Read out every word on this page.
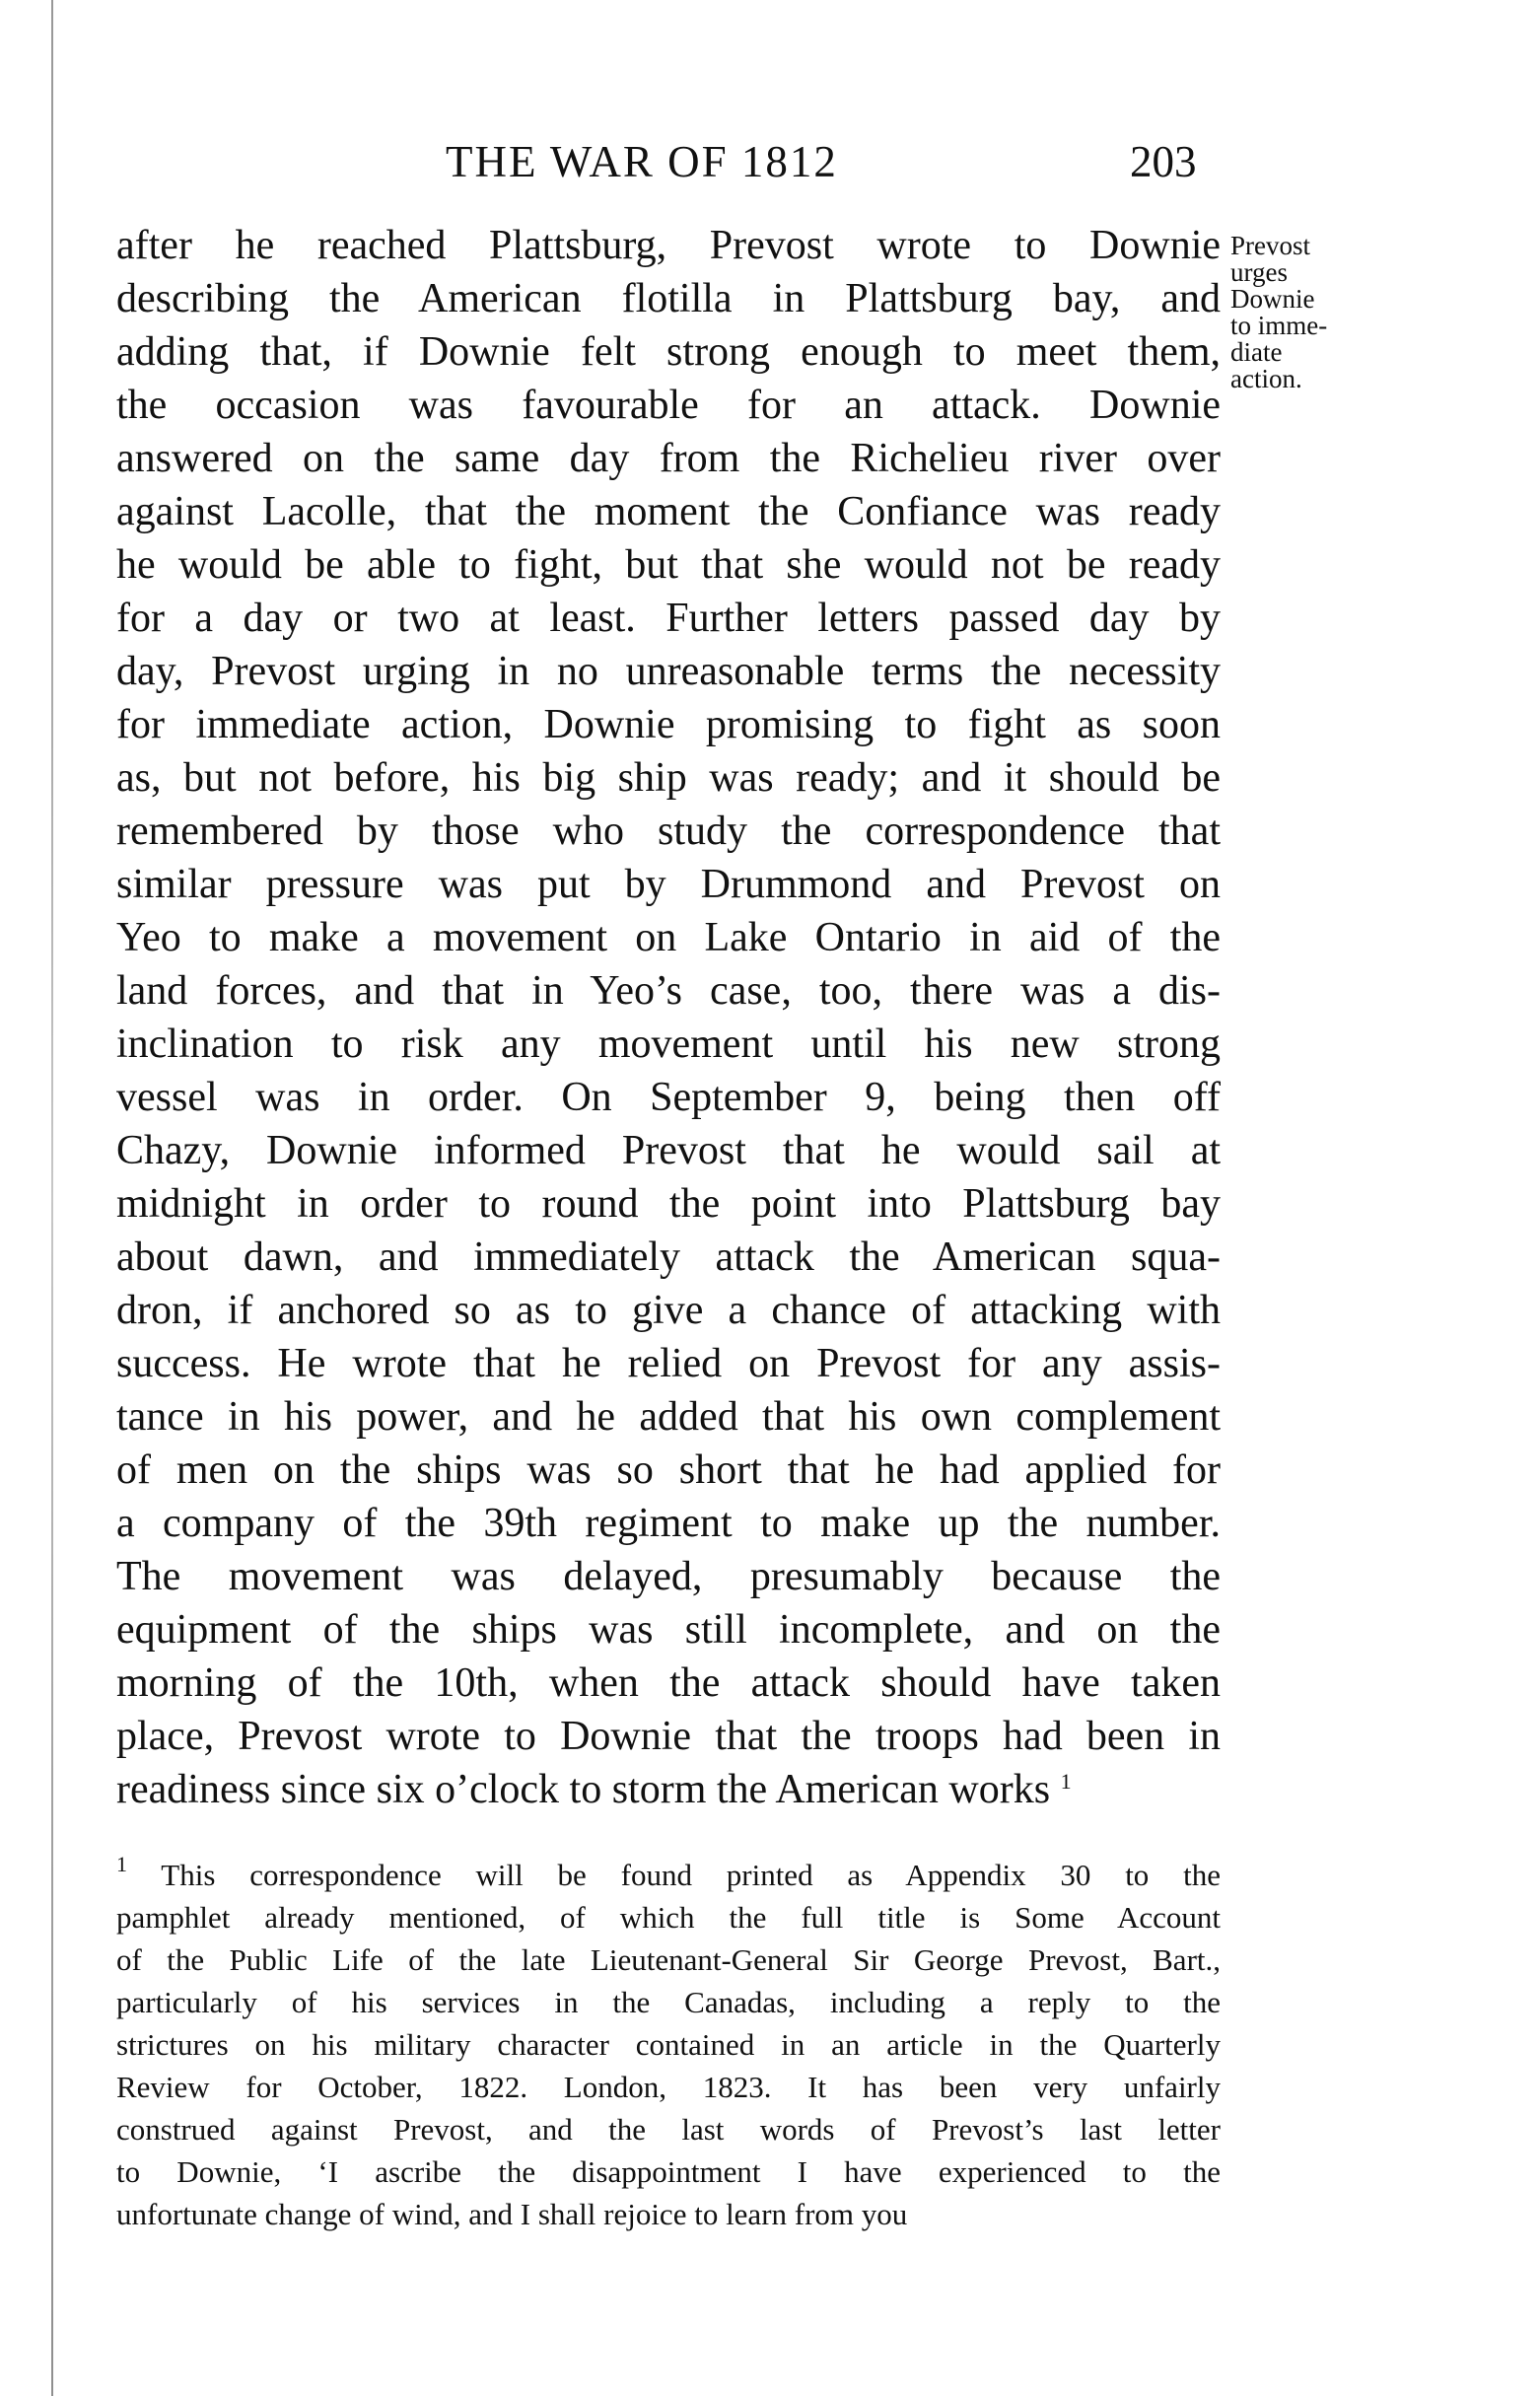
THE WAR OF 1812	203
after he reached Plattsburg, Prevost wrote to Downie
describing the American flotilla in Plattsburg bay, and
adding that, if Downie felt strong enough to meet them,
the occasion was favourable for an attack. Downie
answered on the same day from the Richelieu river over
against Lacolle, that the moment the Confiance was ready
he would be able to fight, but that she would not be ready
for a day or two at least. Further letters passed day by
day, Prevost urging in no unreasonable terms the necessity
for immediate action, Downie promising to fight as soon
as, but not before, his big ship was ready; and it should be
remembered by those who study the correspondence that
similar pressure was put by Drummond and Prevost on
Yeo to make a movement on Lake Ontario in aid of the
land forces, and that in Yeo’s case, too, there was a dis-
inclination to risk any movement until his new strong
vessel was in order. On September 9, being then off
Chazy, Downie informed Prevost that he would sail at
midnight in order to round the point into Plattsburg bay
about dawn, and immediately attack the American squa-
dron, if anchored so as to give a chance of attacking with
success. He wrote that he relied on Prevost for any assis-
tance in his power, and he added that his own complement
of men on the ships was so short that he had applied for
a company of the 39th regiment to make up the number.
The movement was delayed, presumably because the
equipment of the ships was still incomplete, and on the
morning of the 10th, when the attack should have taken
place, Prevost wrote to Downie that the troops had been in
readiness since six o’clock to storm the American works $^1$
Prevost
urges
Downie
to imme-
diate
action.
$^1$ This correspondence will be found printed as Appendix 30 to the
pamphlet already mentioned, of which the full title is Some Account
of the Public Life of the late Lieutenant-General Sir George Prevost, Bart.,
particularly of his services in the Canadas, including a reply to the
strictures on his military character contained in an article in the Quarterly
Review for October, 1822. London, 1823. It has been very unfairly
construed against Prevost, and the last words of Prevost’s last letter
to Downie, ‘I ascribe the disappointment I have experienced to the
unfortunate change of wind, and I shall rejoice to learn from you
